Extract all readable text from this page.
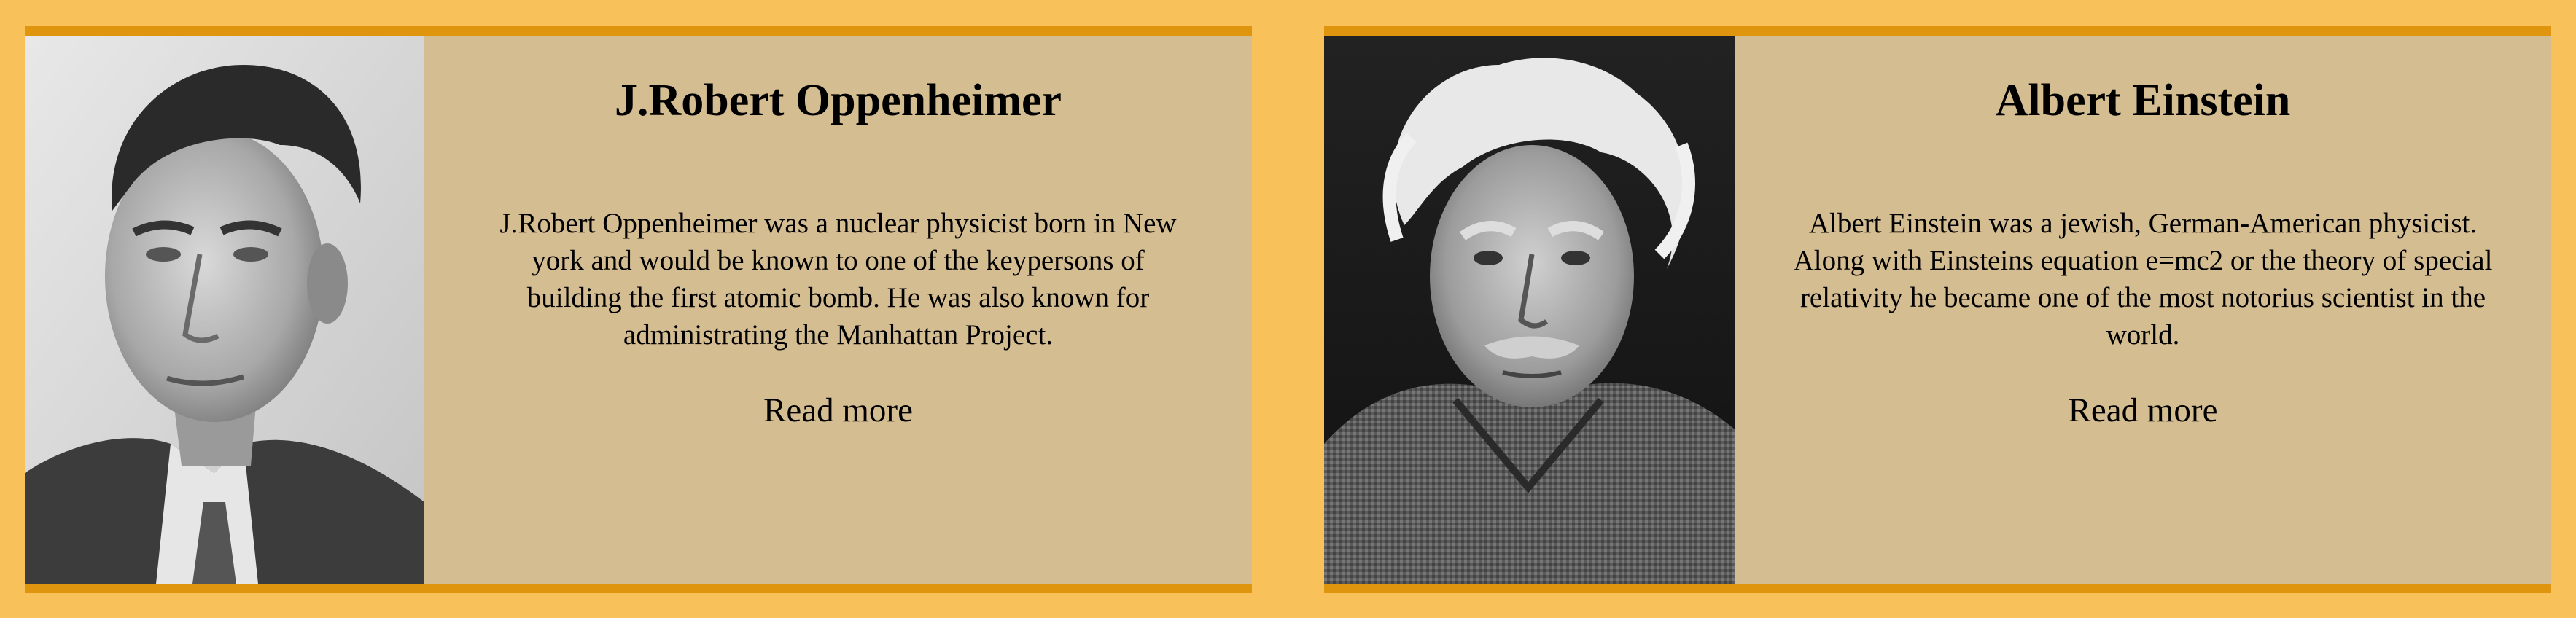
J.Robert Oppenheimer

J.Robert Oppenheimer was a nuclear physicist born in New york and would be known to one of the keypersons of building the first atomic bomb. He was also known for administrating the Manhattan Project.

Read more
Albert Einstein

Albert Einstein was a jewish, German-American physicist. Along with Einsteins equation e=mc2 or the theory of special relativity he became one of the most notorius scientist in the world.

Read more
